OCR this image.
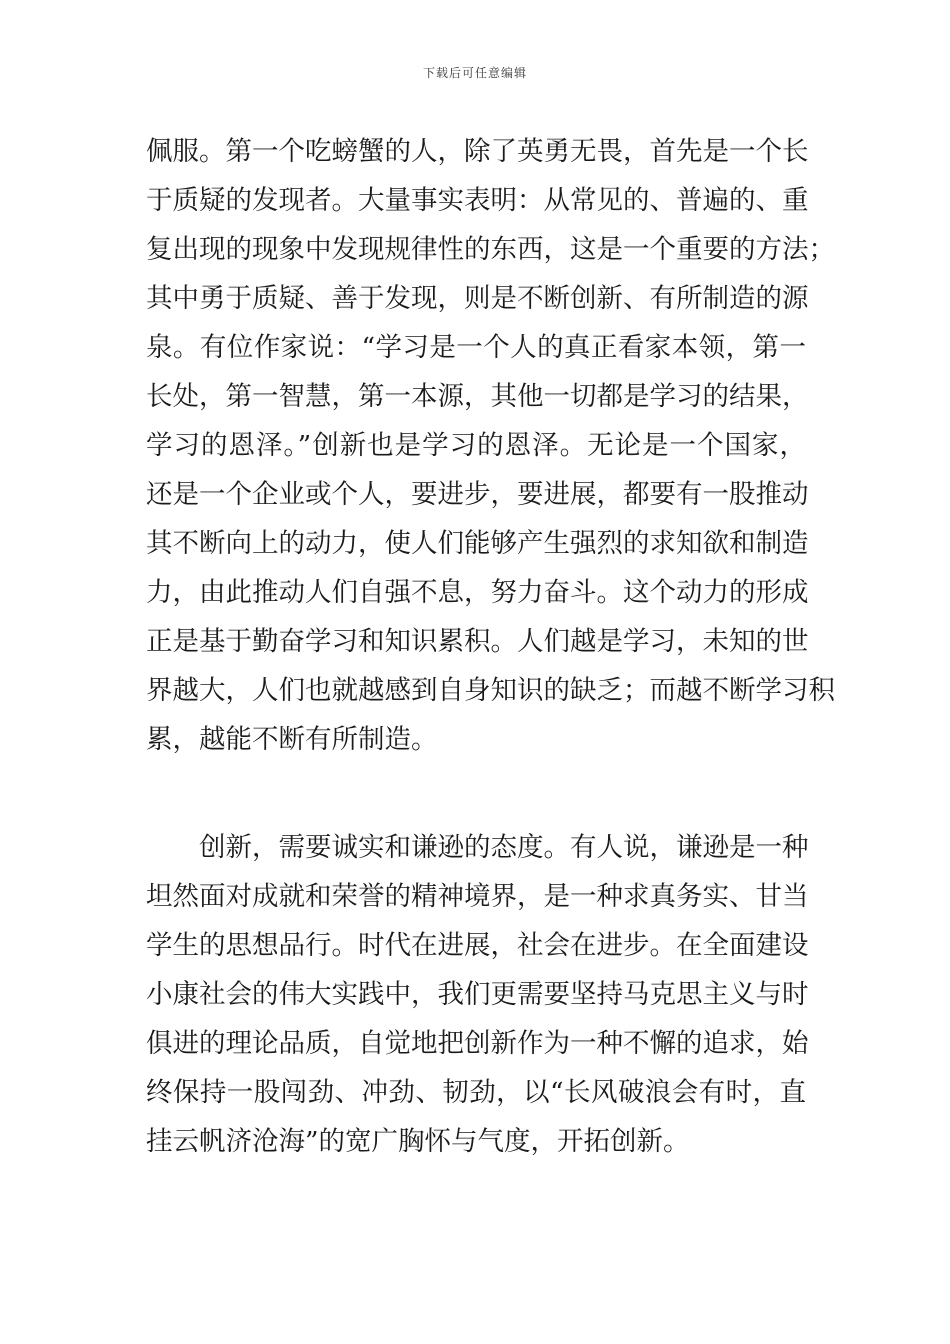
下载后可任意编辑
佩服。第一个吃螃蟹的人，除了英勇无畏，首先是一个长
于质疑的发现者。大量事实表明：从常见的、普遍的、重
复出现的现象中发现规律性的东西，这是一个重要的方法；
其中勇于质疑、善于发现，则是不断创新、有所制造的源
泉。有位作家说：“学习是一个人的真正看家本领，第一
长处，第一智慧，第一本源，其他一切都是学习的结果，
学习的恩泽。”创新也是学习的恩泽。无论是一个国家，
还是一个企业或个人，要进步，要进展，都要有一股推动
其不断向上的动力，使人们能够产生强烈的求知欲和制造
力，由此推动人们自强不息，努力奋斗。这个动力的形成
正是基于勤奋学习和知识累积。人们越是学习，未知的世
界越大，人们也就越感到自身知识的缺乏；而越不断学习积
累，越能不断有所制造。
创新，需要诚实和谦逊的态度。有人说，谦逊是一种
坦然面对成就和荣誉的精神境界，是一种求真务实、甘当
学生的思想品行。时代在进展，社会在进步。在全面建设
小康社会的伟大实践中，我们更需要坚持马克思主义与时
俱进的理论品质，自觉地把创新作为一种不懈的追求，始
终保持一股闯劲、冲劲、韧劲，以“长风破浪会有时，直
挂云帆济沧海”的宽广胸怀与气度，开拓创新。
